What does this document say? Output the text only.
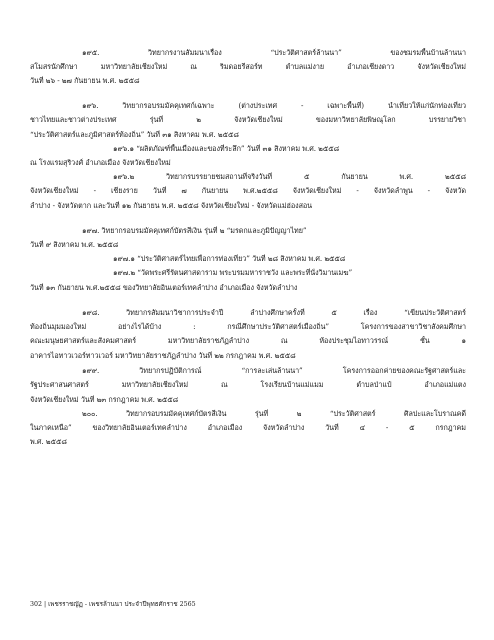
๑๙๕. วิทยากรงานสัมมนาเรื่อง “ประวัติศาสตร์ล้านนา” ของชมรมพื้นบ้านล้านนา
สโมสรนักศึกษา มหาวิทยาลัยเชียงใหม่ ณ ริมดอยรีสอร์ท ตำบลแม่งาย อำเภอเชียงดาว จังหวัดเชียงใหม่
วันที่ ๒๖ - ๒๗ กันยายน พ.ศ. ๒๕๕๘
๑๙๖. วิทยากรอบรมมัคคุเทศก์เฉพาะ (ต่างประเทศ - เฉพาะพื้นที่) นำเที่ยวให้แก่นักท่องเที่ยว
ชาวไทยและชาวต่างประเทศ รุ่นที่ ๒ จังหวัดเชียงใหม่ ของมหาวิทยาลัยพิษณุโลก บรรยายวิชา
“ประวัติศาสตร์และภูมิศาสตร์ท้องถิ่น” วันที่ ๓๑ สิงหาคม พ.ศ. ๒๕๕๘
๑๙๖.๑ “ผลิตภัณฑ์พื้นเมืองและของที่ระลึก” วันที่ ๓๑ สิงหาคม พ.ศ. ๒๕๕๘
ณ โรงแรมสุริวงศ์ อำเภอเมือง จังหวัดเชียงใหม่
๑๙๖.๒ วิทยากรบรรยายชมสถานที่จริงวันที่ ๕ กันยายน พ.ศ. ๒๕๕๘
จังหวัดเชียงใหม่ - เชียงราย วันที่ ๗ กันยายน พ.ศ.๒๕๕๘ จังหวัดเชียงใหม่ - จังหวัดลำพูน - จังหวัด
ลำปาง - จังหวัดตาก และวันที่ ๑๒ กันยายน พ.ศ. ๒๕๕๘ จังหวัดเชียงใหม่ - จังหวัดแม่ฮ่องสอน
๑๙๗. วิทยากรอบรมมัคคุเทศก์บัตรสีเงิน รุ่นที่ ๒ “มรดกและภูมิปัญญาไทย”
วันที่ ๙ สิงหาคม พ.ศ. ๒๕๕๘
๑๙๗.๑ “ประวัติศาสตร์ไทยเพื่อการท่องเที่ยว” วันที่ ๒๘ สิงหาคม พ.ศ. ๒๕๕๘
๑๙๗.๒ “วัดพระศรีรัตนศาสดาราม พระบรมมหาราชวัง และพระที่นั่งวิมานเมฆ”
วันที่ ๑๓ กันยายน พ.ศ.๒๕๕๘ ของวิทยาลัยอินเตอร์เทคลำปาง อำเภอเมือง จังหวัดลำปาง
๑๙๘. วิทยากรสัมมนาวิชาการประจำปี ลำปางศึกษาครั้งที่ ๕ เรื่อง “เขียนประวัติศาสตร์
ท้องถิ่นมุมมองใหม่ อย่างไรได้บ้าง : กรณีศึกษาประวัติศาสตร์เมืองถิ่น” โครงการของสาขาวิชาสังคมศึกษา
คณะมนุษยศาสตร์และสังคมศาสตร์ มหาวิทยาลัยราชภัฏลำปาง ณ ห้องประชุมไอทาวรรณ์ ชั้น ๑
อาคารไอทาวเวอร์ทาวเวอร์ มหาวิทยาลัยราชภัฏลำปาง วันที่ ๒๒ กรกฎาคม พ.ศ. ๒๕๕๘
๑๙๙. วิทยากรปฏิบัติการณ์ “การละเล่นล้านนา” โครงการออกค่ายของคณะรัฐศาสตร์และ
รัฐประศาสนศาสตร์ มหาวิทยาลัยเชียงใหม่ ณ โรงเรียนบ้านแม่แมม ตำบลป่าแป๋ อำเภอแม่แตง
จังหวัดเชียงใหม่ วันที่ ๒๓ กรกฎาคม พ.ศ. ๒๕๕๘
๒๐๐. วิทยากรอบรมมัคคุเทศก์บัตรสีเงิน รุ่นที่ ๒ “ประวัติศาสตร์ ศิลปะและโบราณคดี
ในภาคเหนือ” ของวิทยาลัยอินเตอร์เทคลำปาง อำเภอเมือง จังหวัดลำปาง วันที่ ๔ - ๕ กรกฎาคม
พ.ศ. ๒๕๕๘
302 | เพชรราชญัฏ - เพชรล้านนา ประจำปีพุทธศักราช 2565
